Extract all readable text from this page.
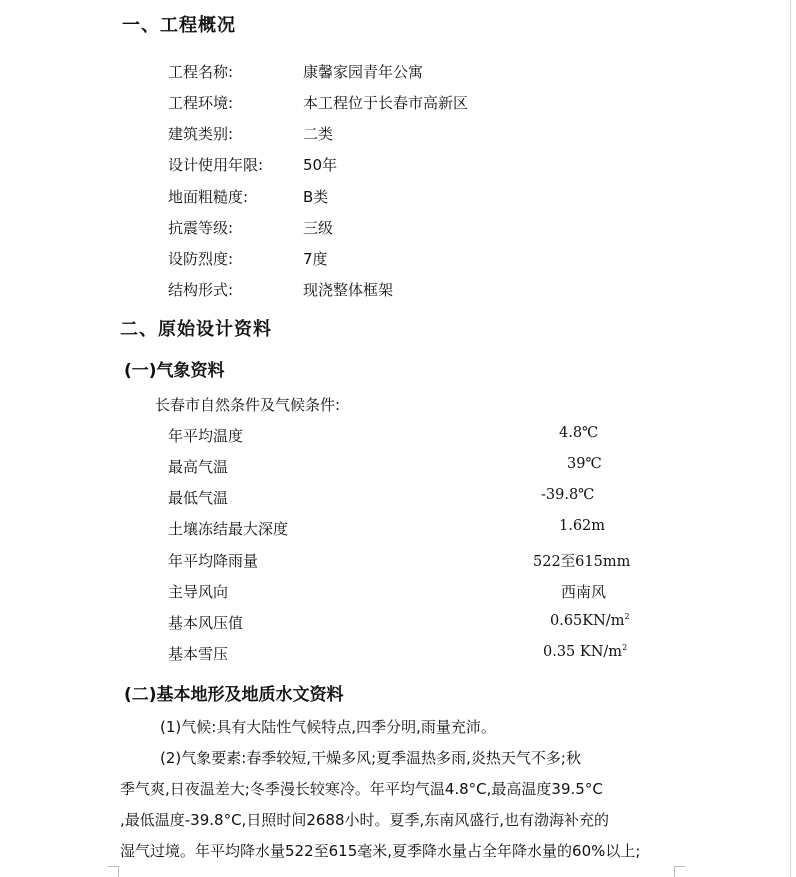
一、工程概况
工程名称:	康馨家园青年公寓
工程环境:	本工程位于长春市高新区
建筑类别:	二类
设计使用年限:	50年
地面粗糙度:	B类
抗震等级:	三级
设防烈度:	7度
结构形式:	现浇整体框架
二、原始设计资料
(一)气象资料
长春市自然条件及气候条件:
年平均温度	4.8℃
最高气温	39℃
最低气温	-39.8℃
土壤冻结最大深度	1.62m
年平均降雨量	522至615mm
主导风向	西南风
基本风压值	$0.65KN/m^2$
基本雪压	0.35 $KN/m^2$
(二)基本地形及地质水文资料
(1)气候:具有大陆性气候特点,四季分明,雨量充沛。
(2)气象要素:春季较短,干燥多风;夏季温热多雨,炎热天气不多;秋
季气爽,日夜温差大;冬季漫长较寒冷。年平均气温4.8°C,最高温度39.5°C
,最低温度-39.8°C,日照时间2688小时。夏季,东南风盛行,也有渤海补充的
湿气过境。年平均降水量522至615毫米,夏季降水量占全年降水量的60%以上;
